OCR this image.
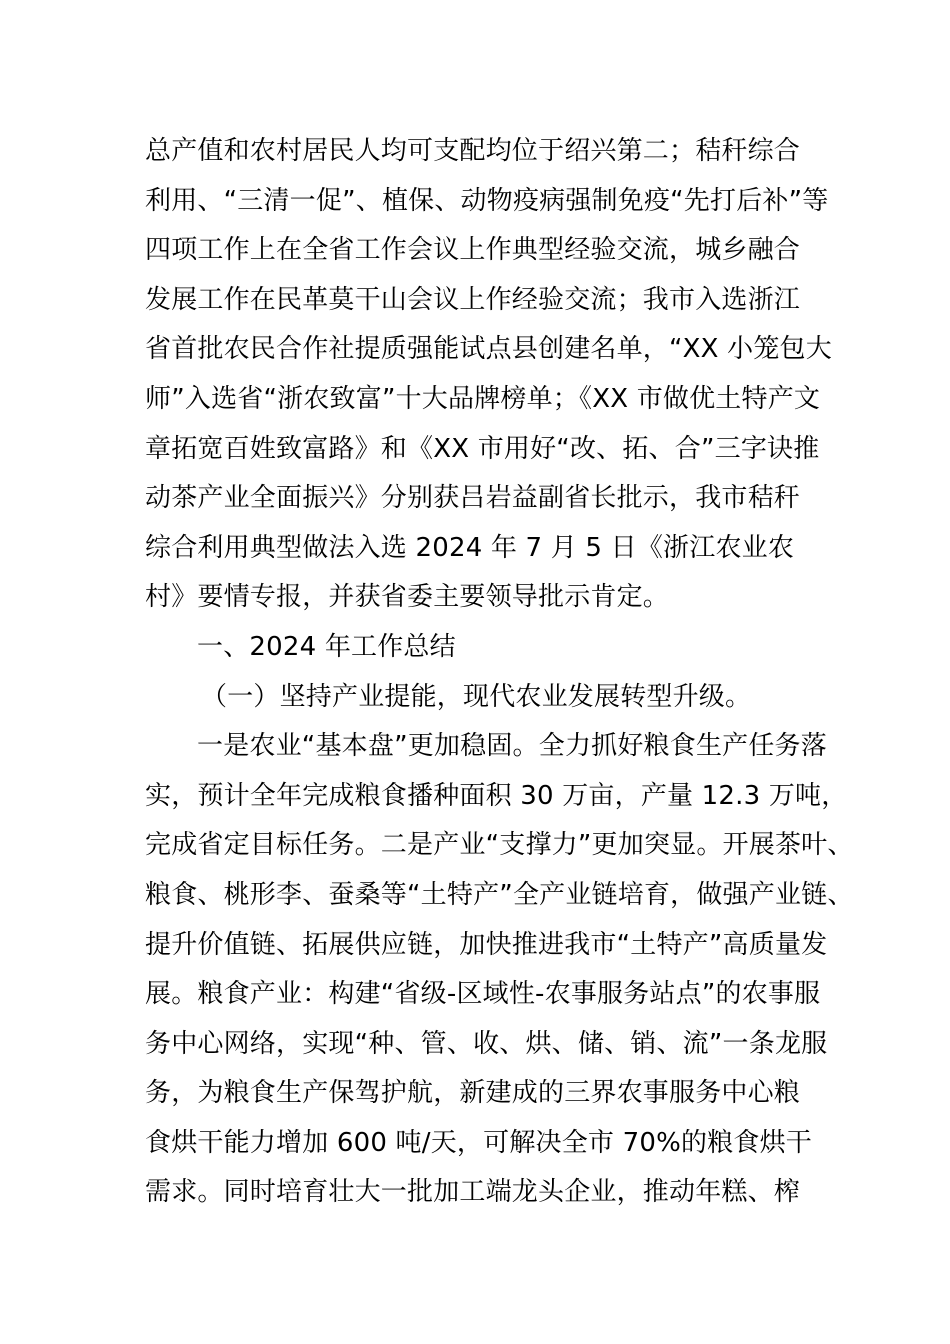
总产值和农村居民人均可支配均位于绍兴第二；秸秆综合
利用、“三清一促”、植保、动物疫病强制免疫“先打后补”等
四项工作上在全省工作会议上作典型经验交流，城乡融合
发展工作在民革莫干山会议上作经验交流；我市入选浙江
省首批农民合作社提质强能试点县创建名单，“XX 小笼包大
师”入选省“浙农致富”十大品牌榜单；《XX 市做优土特产文
章拓宽百姓致富路》和《XX 市用好“改、拓、合”三字诀推
动茶产业全面振兴》分别获吕岩益副省长批示，我市秸秆
综合利用典型做法入选 2024 年 7 月 5 日《浙江农业农
村》要情专报，并获省委主要领导批示肯定。
一、2024 年工作总结
（一）坚持产业提能，现代农业发展转型升级。
一是农业“基本盘”更加稳固。全力抓好粮食生产任务落
实，预计全年完成粮食播种面积 30 万亩，产量 12.3 万吨，
完成省定目标任务。二是产业“支撑力”更加突显。开展茶叶、
粮食、桃形李、蚕桑等“土特产”全产业链培育，做强产业链、
提升价值链、拓展供应链，加快推进我市“土特产”高质量发
展。粮食产业：构建“省级-区域性-农事服务站点”的农事服
务中心网络，实现“种、管、收、烘、储、销、流”一条龙服
务，为粮食生产保驾护航，新建成的三界农事服务中心粮
食烘干能力增加 600 吨/天，可解决全市 70%的粮食烘干
需求。同时培育壮大一批加工端龙头企业，推动年糕、榨
